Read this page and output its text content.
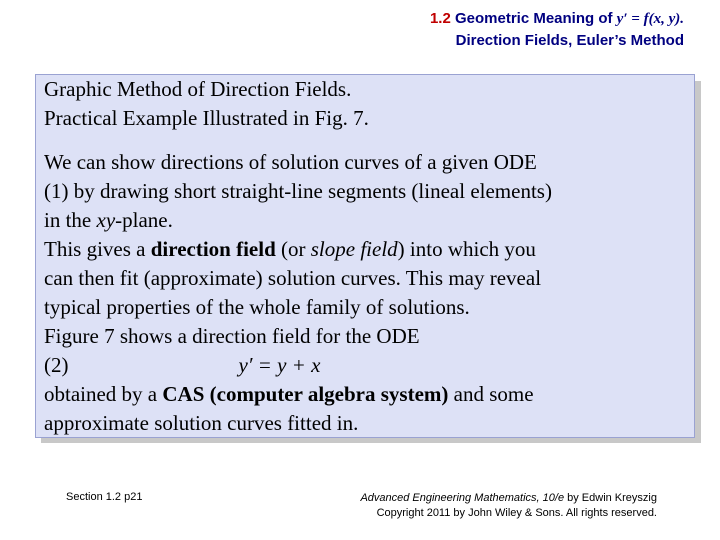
1.2 Geometric Meaning of y′ = f(x, y).
Direction Fields, Euler’s Method
Graphic Method of Direction Fields.
Practical Example Illustrated in Fig. 7.
We can show directions of solution curves of a given ODE
(1) by drawing short straight-line segments (lineal elements)
in the xy-plane.
This gives a direction field (or slope field) into which you
can then fit (approximate) solution curves. This may reveal
typical properties of the whole family of solutions.
Figure 7 shows a direction field for the ODE
(2)	y′ = y + x
obtained by a CAS (computer algebra system) and some
approximate solution curves fitted in.
Section 1.2 p21	Advanced Engineering Mathematics, 10/e by Edwin Kreyszig
Copyright 2011 by John Wiley & Sons. All rights reserved.
